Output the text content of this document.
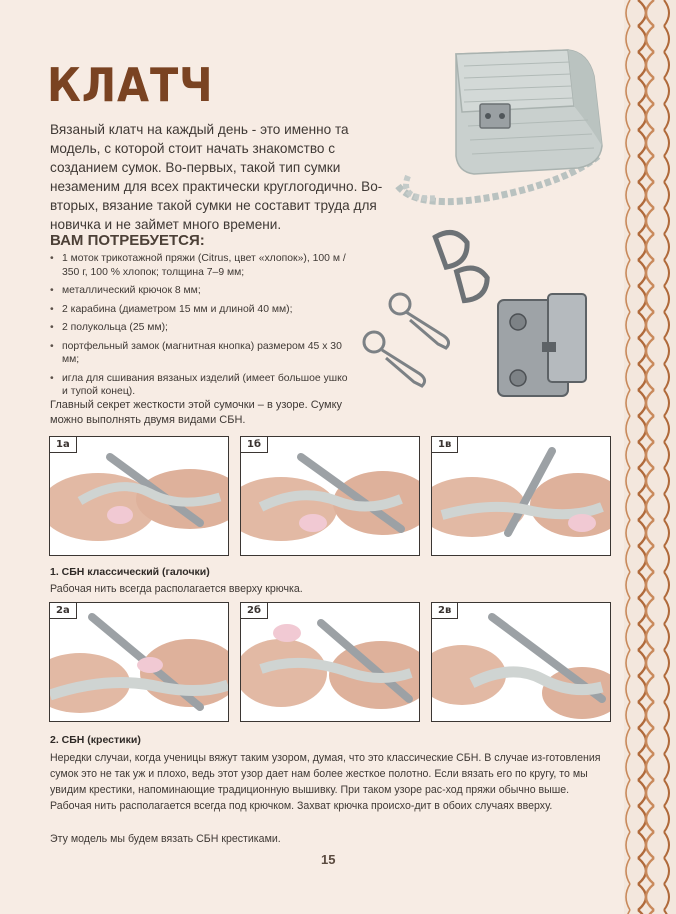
КЛАТЧ
Вязаный клатч на каждый день - это именно та модель, с которой стоит начать знакомство с созданием сумок. Во-первых, такой тип сумки незаменим для всех практически круглогодично. Во-вторых, вязание такой сумки не составит труда для новичка и не займет много времени.
ВАМ ПОТРЕБУЕТСЯ:
• 1 моток трикотажной пряжи (Citrus, цвет «хлопок»), 100 м / 350 г, 100 % хлопок; толщина 7–9 мм;
• металлический крючок 8 мм;
• 2 карабина (диаметром 15 мм и длиной 40 мм);
• 2 полукольца (25 мм);
• портфельный замок (магнитная кнопка) размером 45 х 30 мм;
• игла для сшивания вязаных изделий (имеет большое ушко и тупой конец).
Главный секрет жесткости этой сумочки – в узоре. Сумку можно выполнять двумя видами СБН.
1а	1б	1в
1. СБН классический (галочки)
Рабочая нить всегда располагается вверху крючка.
2а	2б	2в
2. СБН (крестики)

Нередки случаи, когда ученицы вяжут таким узором, думая, что это классические СБН. В случае из-готовления сумок это не так уж и плохо, ведь этот узор дает нам более жесткое полотно. Если вязать его по кругу, то мы увидим крестики, напоминающие традиционную вышивку. При таком узоре рас-ход пряжи обычно выше. Рабочая нить располагается всегда под крючком. Захват крючка происхо-дит в обоих случаях вверху.

Эту модель мы будем вязать СБН крестиками.
15
